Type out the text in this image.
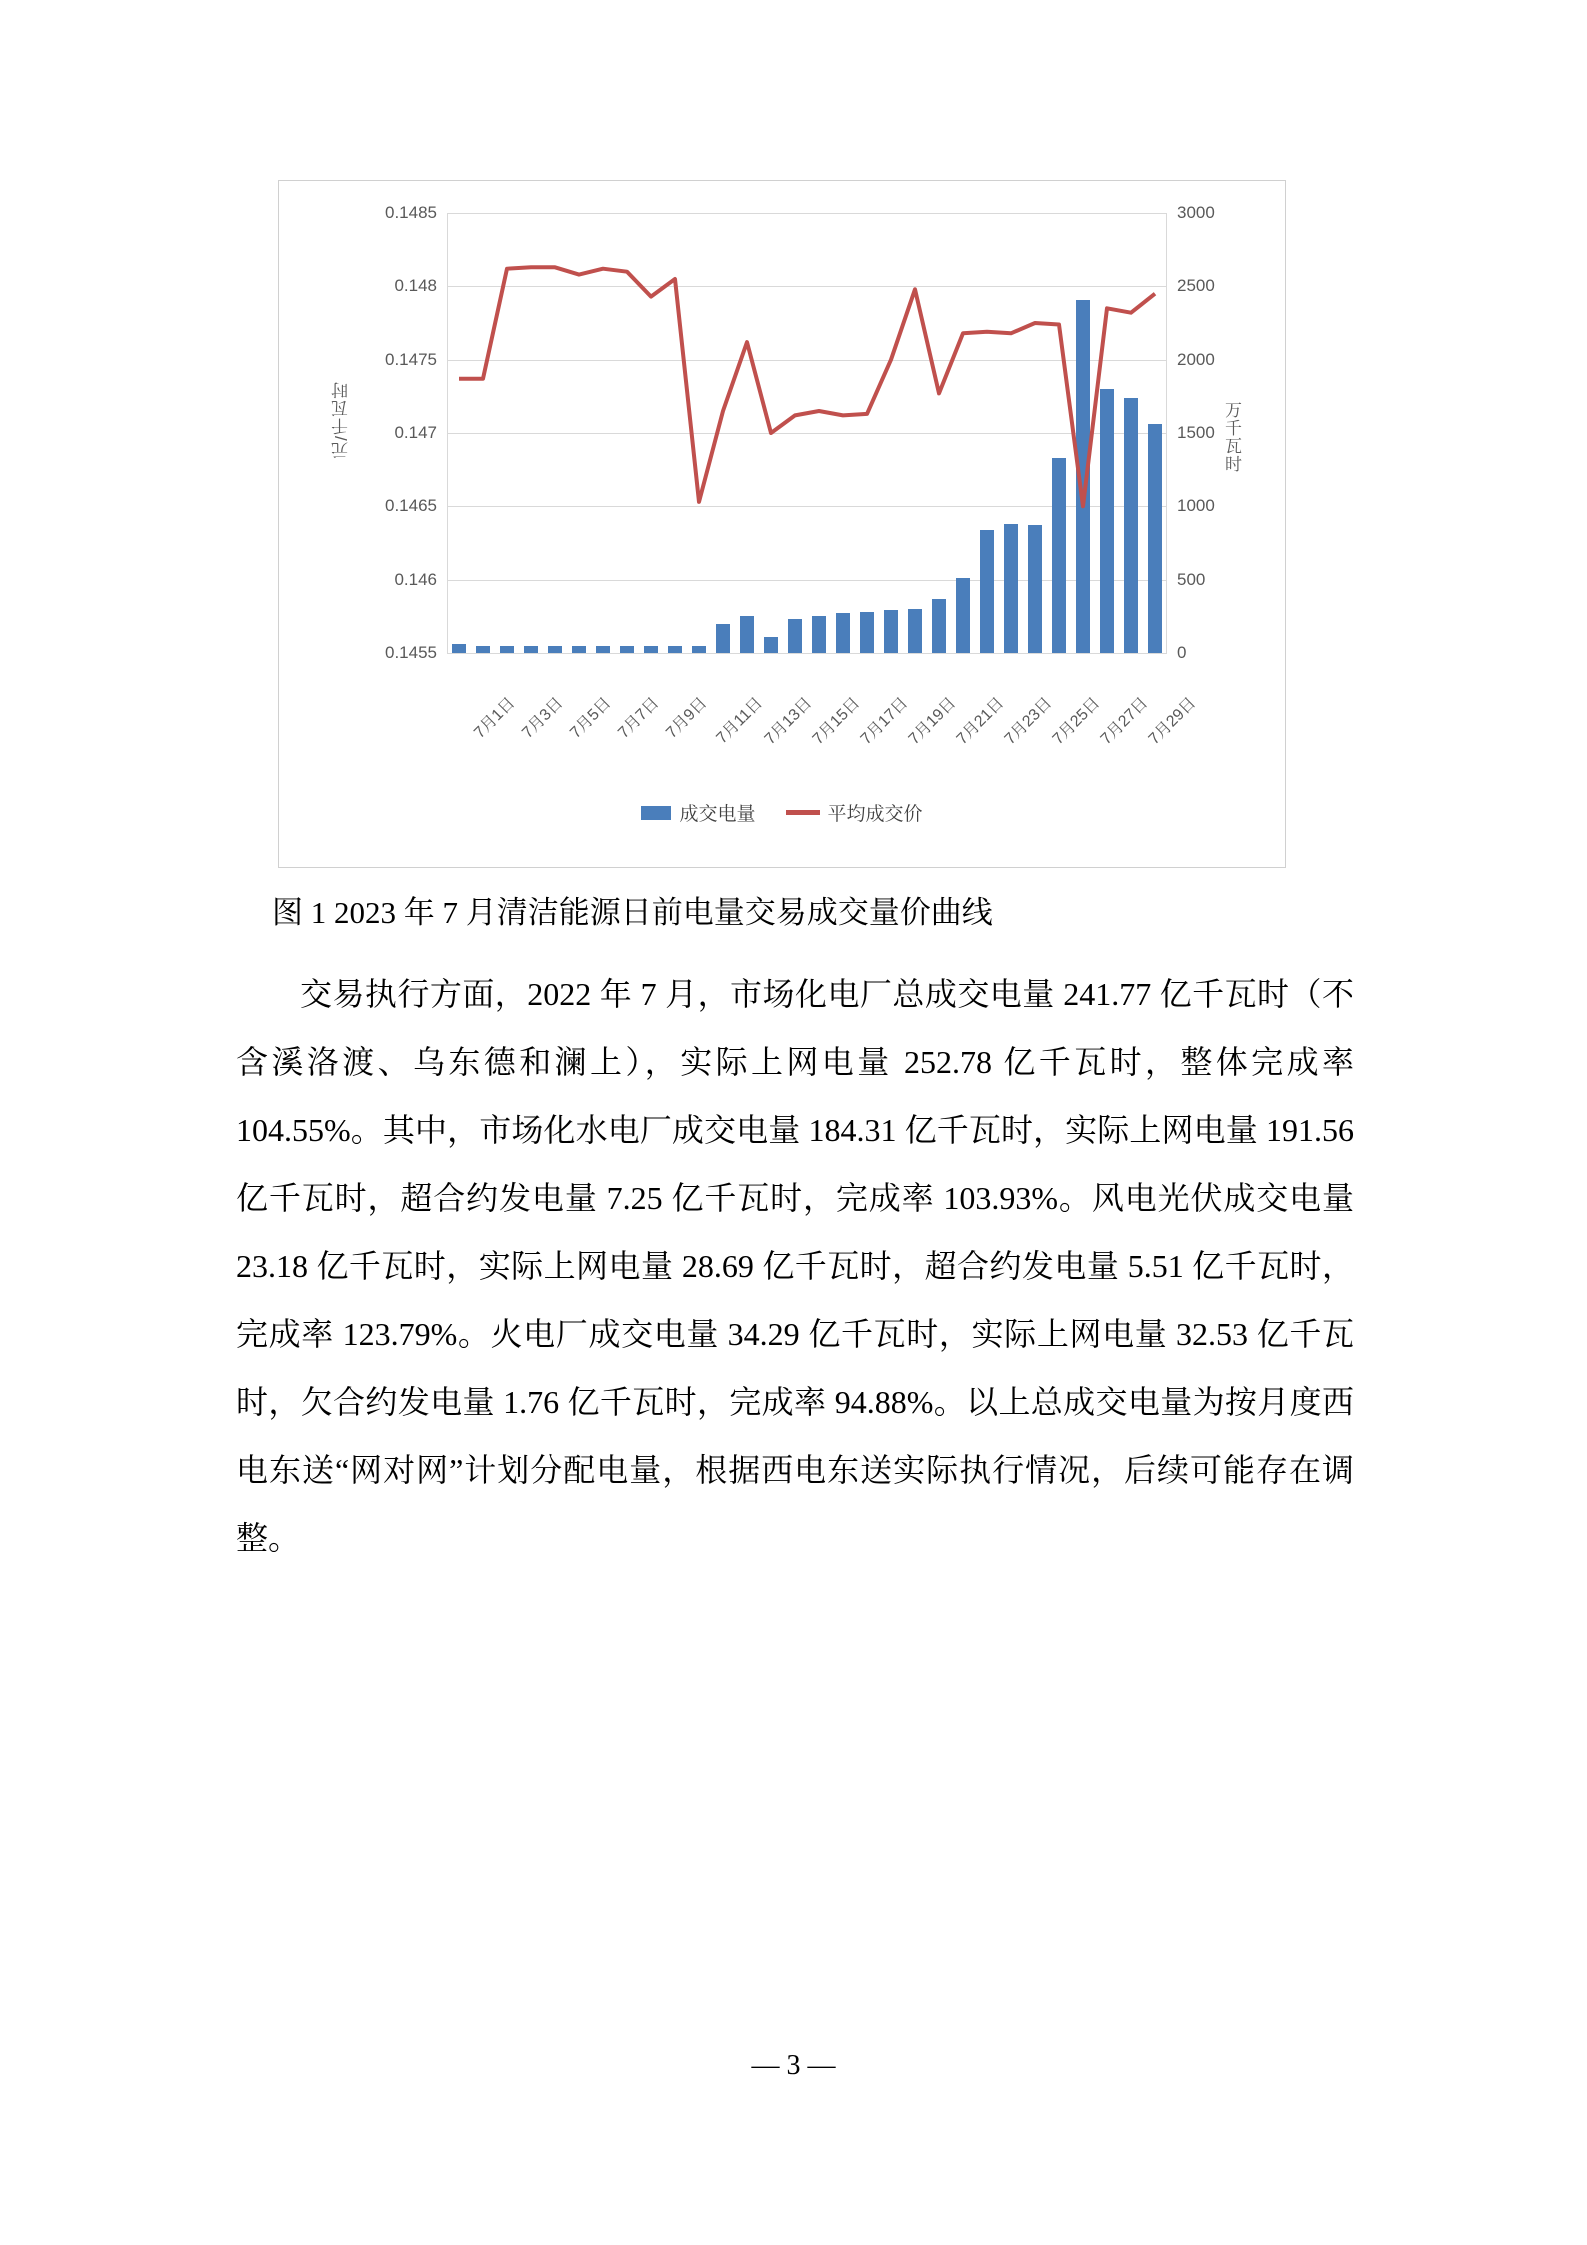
元/千瓦时	万千瓦时
0.1455
0.146
0.1465
0.147
0.1475
0.148
0.1485
0
500
1000
1500
2000
2500
3000
7月1日 7月3日 7月5日 7月7日 7月9日 7月11日
7月13日
7月15日
7月17日
7月19日
7月21日
7月23日
7月25日
7月27日
7月29日
成交电量	平均成交价
图 1 2023 年 7 月清洁能源日前电量交易成交量价曲线
交易执行方面，2022 年 7 月，市场化电厂总成交电量 241.77 亿千瓦时（不含溪洛渡、乌东德和澜上），实际上网电量 252.78 亿千瓦时，整体完成率 104.55%。其中，市场化水电厂成交电量 184.31 亿千瓦时，实际上网电量 191.56 亿千瓦时，超合约发电量 7.25 亿千瓦时，完成率 103.93%。风电光伏成交电量 23.18 亿千瓦时，实际上网电量 28.69 亿千瓦时，超合约发电量 5.51 亿千瓦时，完成率 123.79%。火电厂成交电量 34.29 亿千瓦时，实际上网电量 32.53 亿千瓦时，欠合约发电量 1.76 亿千瓦时，完成率 94.88%。以上总成交电量为按月度西电东送“网对网”计划分配电量，根据西电东送实际执行情况，后续可能存在调整。
— 3 —
